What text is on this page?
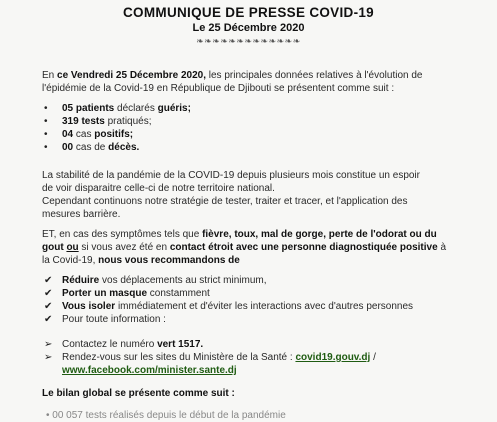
COMMUNIQUE DE PRESSE COVID-19
Le 25 Décembre 2020
❧❧❧❧❧❧❧❧❧❧❧❧❧
En ce Vendredi 25 Décembre 2020, les principales données relatives à l'évolution de
l'épidémie de la Covid-19 en République de Djibouti se présentent comme suit :
• 05 patients déclarés guéris;
• 319 tests pratiqués;
• 04 cas positifs;
• 00 cas de décès.
La stabilité de la pandémie de la COVID-19 depuis plusieurs mois constitue un espoir
de voir disparaitre celle-ci de notre territoire national.
Cependant continuons notre stratégie de tester, traiter et tracer, et l'application des
mesures barrière.
ET, en cas des symptômes tels que fièvre, toux, mal de gorge, perte de l'odorat ou du
gout ou si vous avez été en contact étroit avec une personne diagnostiquée positive à
la Covid-19, nous vous recommandons de
✔ Réduire vos déplacements au strict minimum,
✔ Porter un masque constamment
✔ Vous isoler immédiatement et d'éviter les interactions avec d'autres personnes
✔ Pour toute information :
➢ Contactez le numéro vert 1517.
➢ Rendez-vous sur les sites du Ministère de la Santé : covid19.gouv.dj /
www.facebook.com/minister.sante.dj
Le bilan global se présente comme suit :
• 00 057 tests réalisés depuis le début de la pandémie
